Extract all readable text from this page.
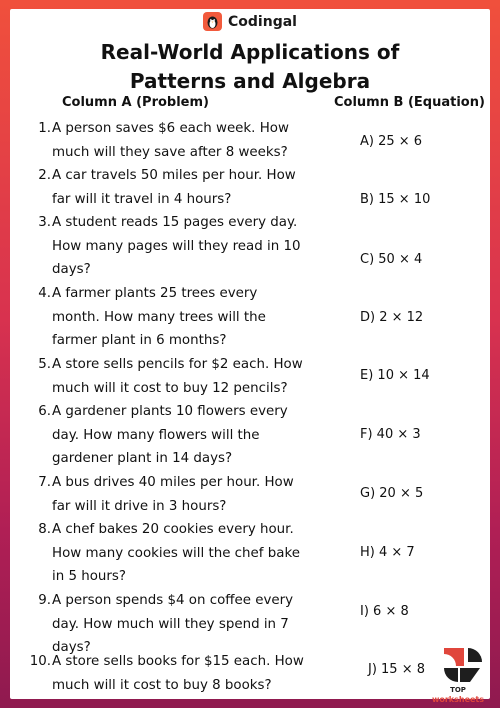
Codingal
Real-World Applications of
Patterns and Algebra
Column A (Problem)	Column B (Equation)
1. A person saves $6 each week. How
much will they save after 8 weeks?
2. A car travels 50 miles per hour. How
far will it travel in 4 hours?
3. A student reads 15 pages every day.
How many pages will they read in 10
days?
4. A farmer plants 25 trees every
month. How many trees will the
farmer plant in 6 months?
5. A store sells pencils for $2 each. How
much will it cost to buy 12 pencils?
6. A gardener plants 10 flowers every
day. How many flowers will the
gardener plant in 14 days?
7. A bus drives 40 miles per hour. How
far will it drive in 3 hours?
8. A chef bakes 20 cookies every hour.
How many cookies will the chef bake
in 5 hours?
9. A person spends $4 on coffee every
day. How much will they spend in 7
days?
10. A store sells books for $15 each. How
much will it cost to buy 8 books?
A) 25 × 6
B) 15 × 10
C) 50 × 4
D) 2 × 12
E) 10 × 14
F) 40 × 3
G) 20 × 5
H) 4 × 7
I) 6 × 8
J) 15 × 8
TOP
worksheets
